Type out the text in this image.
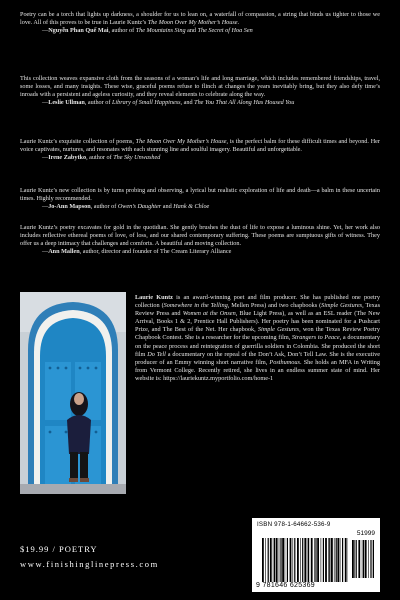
Poetry can be a torch that lights up darkness, a shoulder for us to lean on, a waterfall of compassion, a string that binds us tighter to those we love. All of this proves to be true in Laurie Kuntz’s The Moon Over My Mother’s House.
—Nguyễn Phan Quế Mai, author of The Mountains Sing and The Secret of Hoa Sen

This collection weaves expansive cloth from the seasons of a woman’s life and long marriage, which includes remembered friendships, travel, some losses, and many insights. These wise, graceful poems refuse to flinch at changes the years inevitably bring, but they also defy time’s inroads with a persistent and ageless curiosity, and they reveal elements to celebrate along the way.
—Leslie Ullman, author of Library of Small Happiness, and The You That All Along Has Housed You

Laurie Kuntz’s exquisite collection of poems, The Moon Over My Mother’s House, is the perfect balm for these difficult times and beyond. Her voice captivates, nurtures, and resonates with each stunning line and soulful imagery. Beautiful and unforgettable.
—Irene Zabytko, author of The Sky Unwashed

Laurie Kuntz’s new collection is by turns probing and observing, a lyrical but realistic exploration of life and death—a balm in these uncertain times. Highly recommended.
—Jo-Ann Mapson, author of Owen’s Daughter and Hank & Chloe

Laurie Kuntz’s poetry excavates for gold in the quotidian. She gently brushes the dust of life to expose a luminous shine. Yet, her work also includes reflective ethereal poems of love, of loss, and our shared contemporary suffering. These poems are sumptuous gifts of witness. They offer us a deep intimacy that challenges and comforts. A beautiful and moving collection.
—Ann Mallen, author, director and founder of The Cream Literary Alliance

Laurie Kuntz is an award-winning poet and film producer. She has published one poetry collection (Somewhere in the Telling, Mellen Press) and two chapbooks (Simple Gestures, Texas Review Press and Women at the Onsen, Blue Light Press), as well as an ESL reader (The New Arrival, Books 1 & 2, Prentice Hall Publishers). Her poetry has been nominated for a Pushcart Prize, and The Best of the Net. Her chapbook, Simple Gestures, won the Texas Review Poetry Chapbook Contest. She is a researcher for the upcoming film, Strangers to Peace, a documentary on the peace process and reintegration of guerrilla soldiers in Colombia. She produced the short film Do Tell a documentary on the repeal of the Don’t Ask, Don’t Tell Law. She is the executive producer of an Emmy winning short narrative film, Posthumous. She holds an MFA in Writing from Vermont College. Recently retired, she lives in an endless summer state of mind. Her website is: https://lauriekuntz.myportfolio.com/home-1

ISBN 978-1-64662-536-9
51999
9 781646 625369
$19.99 / POETRY
www.finishinglinepress.com
